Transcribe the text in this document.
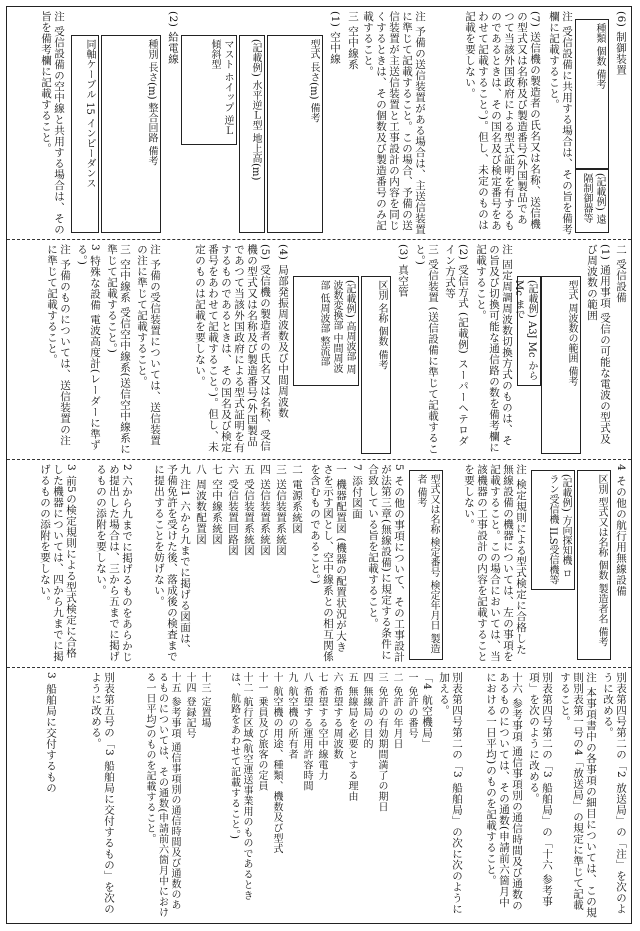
(6) 制御装置
種類 個数 備考
(記載例) 遠隔制御器等
注 受信設備に共用する場合は、その旨を備考欄に記載すること。
(7) 送信機の製造者の氏名又は名称、送信機の型式又は名称及び製造番号(外国製品であつて当該外国政府による型式証明を有するものであるときは、その国名及び検定番号をあわせて記載すること。)。但し、未定のものは記載を要しない。
注 予備の送信装置がある場合は、主送信装置に準じて記載すること。この場合、予備の送信装置が主送信装置と工事設計の内容を同じくするときは、その個数及び製造番号のみ記載すること。
三 空中線系
(1) 空中線
型式 長さ(m) 備考
(記載例) 水平逆Ｌ型 地上高(m)
マスト ホイップ 逆Ｌ 傾斜型
(2) 給電線
種別 長さ(m) 整合回路 備考
同軸ケーブル 15 インピーダンス
注 受信設備の空中線と共用する場合は、その旨を備考欄に記載すること。
二 受信設備
(1) 通用事項 受信の可能な電波の型式及び周波数の範囲
型式 周波数の範囲 備考
(記載例) A3J Mc から Mc まで
注 固定周調周波数切換方式のものは、その旨及び切換可能な通信路の数を備考欄に記載すること。
(2) 受信方式 (記載例) スーパーヘテロダイン方式等
三 受信装置 (送信設備に準じて記載すること。)
(3) 真空管
区別 名称 個数 備考
(記載例) 高周波部 周波数変換部 中間周波部 低周波部 整流部
(4) 局部発振周波数及び中間周波数
(5) 受信機の製造者の氏名又は名称、受信機の型式又は名称及び製造番号(外国製品であつて当該外国政府による型式証明を有するものであるときは、その国名及び検定番号をあわせて記載すること。)。但し、未定のものは記載を要しない。
注 予備の受信装置については、送信装置の注に準じて記載すること。
三 空中線系 受信空中線系(送信空中線系に準じて記載すること。)
3 特殊な設備 電波高度計(レーダーに準ずる。)
注 予備のものについては、送信装置の注に準じて記載すること。
4 その他の航行用無線設備
区別 型式又は名称 個数 製造者名 備考
(記載例) 方向探知機 ロラン受信機 ILS受信機等
注 検定規則による型式検定に合格した無線設備の機器については、左の事項を記載すること。この場合においては、当該機器の工事設計の内容を記載することを要しない。
型式又は名称 検定番号 検定年月日 製造者 備考
5 その他の事項について、その工事設計が法第三章(無線設備)に規定する条件に合致している旨を記載すること。
7 添付図面
一 機器配置図 (機器の配置状況が大きさを示す図とし、空中線系との相互関係を含むものであること。)
二 電源系統図
三 送信装置系統図
四 送信装置系統図
五 受信装置系統図
六 受信装置回路図
七 空中線系統図
八 周波数配置図
九 注1 六から九までに掲げる図面は、予備免許を受けた後、落成後の検査までに提出することを妨げない。
2 六から九までに掲げるものをあらかじめ提出した場合は、三から五までに掲げるものの添附を要しない。
3 前5の検定規則による型式検定に合格した機器については、四から九までに掲げるものの添附を要しない。
別表第四号第二の「2 放送局」の「注」を次のように改める。
注 本事項書中の各事項の細目については、この規則別表第一号の4「放送局」の規定に準じて記載すること。
別表第四号第二の「3 船舶局」の「十六 参考事項」を次のように改める。
十六 参考事項 通信事項別の通信時間及び通数のあるものについては、その通数(申請前六箇月中における一日平均)のものを記載すること。
別表第四号第二の「3 船舶局」の次に次のように加える。
「4 航空機局」
一 免許の番号
二 免許の年月日
三 免許の有効期間満了の期日
四 無線局の目的
五 無線局を必要とする理由
六 希望する周波数
七 希望する空中線電力
八 希望する運用許容時間
九 航空機の所有者
十 航空機の用途、種類、機数及び型式
十一 乗員及び旅客の定員
十二 航行区域(航空運送事業用のものであるときは、航路をあわせて記載すること。)
十三 定置場
十四 登録記号
十五 参考事項 通信事項別の通信時間及び通数のあるものについては、その通数(申請前六箇月中における一日平均)のものを記載すること。
別表第五号の「3 船舶局に交付するもの」を次のように改める。
3 船舶局に交付するもの
